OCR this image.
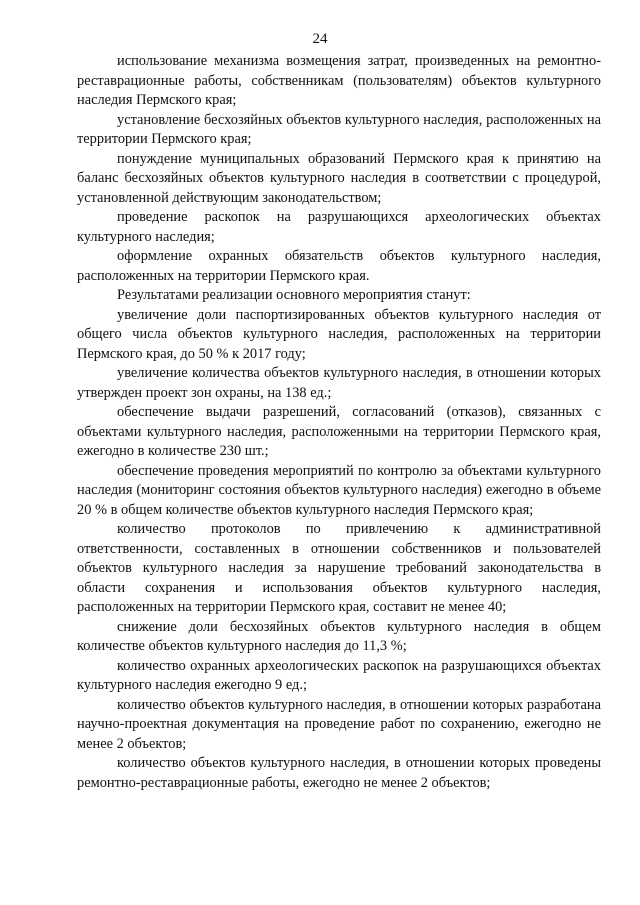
24

использование механизма возмещения затрат, произведенных на ремонтно-реставрационные работы, собственникам (пользователям) объектов культурного наследия Пермского края;

установление бесхозяйных объектов культурного наследия, расположенных на территории Пермского края;

понуждение муниципальных образований Пермского края к принятию на баланс бесхозяйных объектов культурного наследия в соответствии с процедурой, установленной действующим законодательством;

проведение раскопок на разрушающихся археологических объектах культурного наследия;

оформление охранных обязательств объектов культурного наследия, расположенных на территории Пермского края.

Результатами реализации основного мероприятия станут:

увеличение доли паспортизированных объектов культурного наследия от общего числа объектов культурного наследия, расположенных на территории Пермского края, до 50 % к 2017 году;

увеличение количества объектов культурного наследия, в отношении которых утвержден проект зон охраны, на 138 ед.;

обеспечение выдачи разрешений, согласований (отказов), связанных с объектами культурного наследия, расположенными на территории Пермского края, ежегодно в количестве 230 шт.;

обеспечение проведения мероприятий по контролю за объектами культурного наследия (мониторинг состояния объектов культурного наследия) ежегодно в объеме 20 % в общем количестве объектов культурного наследия Пермского края;

количество протоколов по привлечению к административной ответственности, составленных в отношении собственников и пользователей объектов культурного наследия за нарушение требований законодательства в области сохранения и использования объектов культурного наследия, расположенных на территории Пермского края, составит не менее 40;

снижение доли бесхозяйных объектов культурного наследия в общем количестве объектов культурного наследия до 11,3 %;

количество охранных археологических раскопок на разрушающихся объектах культурного наследия ежегодно 9 ед.;

количество объектов культурного наследия, в отношении которых разработана научно-проектная документация на проведение работ по сохранению, ежегодно не менее 2 объектов;

количество объектов культурного наследия, в отношении которых проведены ремонтно-реставрационные работы, ежегодно не менее 2 объектов;
